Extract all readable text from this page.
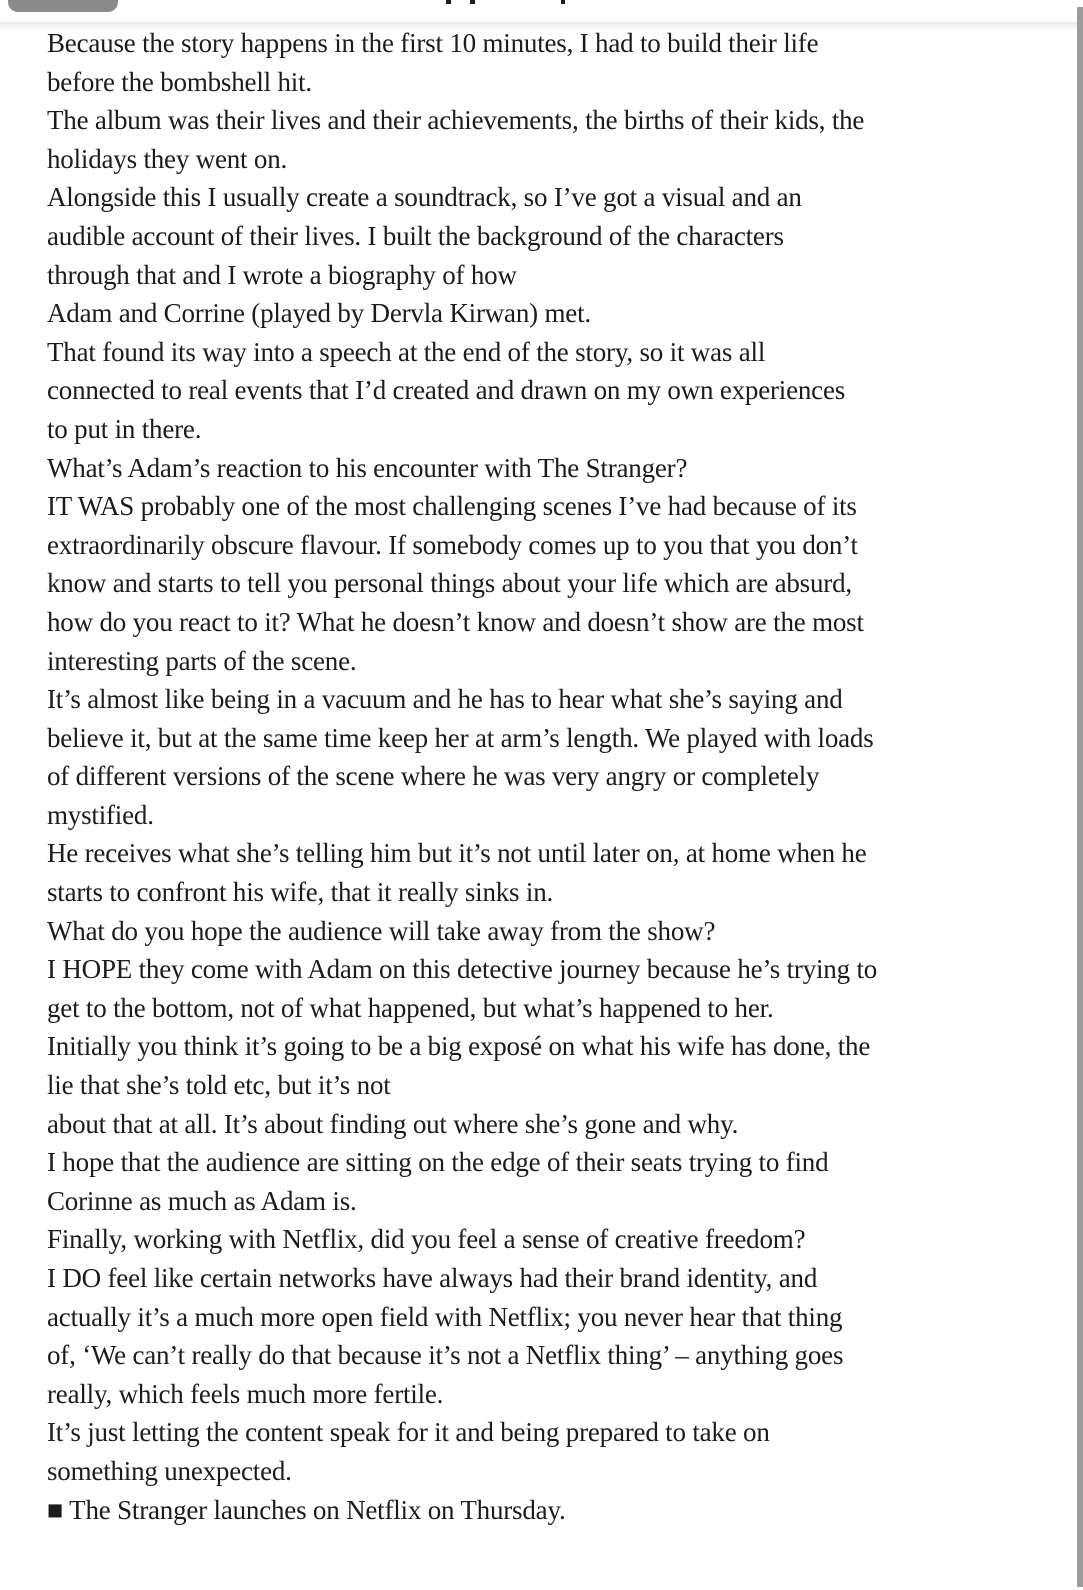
Because the story happens in the first 10 minutes, I had to build their life
before the bombshell hit.
The album was their lives and their achievements, the births of their kids, the
holidays they went on.
Alongside this I usually create a soundtrack, so I’ve got a visual and an
audible account of their lives. I built the background of the characters
through that and I wrote a biography of how
Adam and Corrine (played by Dervla Kirwan) met.
That found its way into a speech at the end of the story, so it was all
connected to real events that I’d created and drawn on my own experiences
to put in there.
What’s Adam’s reaction to his encounter with The Stranger?
IT WAS probably one of the most challenging scenes I’ve had because of its
extraordinarily obscure flavour. If somebody comes up to you that you don’t
know and starts to tell you personal things about your life which are absurd,
how do you react to it? What he doesn’t know and doesn’t show are the most
interesting parts of the scene.
It’s almost like being in a vacuum and he has to hear what she’s saying and
believe it, but at the same time keep her at arm’s length. We played with loads
of different versions of the scene where he was very angry or completely
mystified.
He receives what she’s telling him but it’s not until later on, at home when he
starts to confront his wife, that it really sinks in.
What do you hope the audience will take away from the show?
I HOPE they come with Adam on this detective journey because he’s trying to
get to the bottom, not of what happened, but what’s happened to her.
Initially you think it’s going to be a big exposé on what his wife has done, the
lie that she’s told etc, but it’s not
about that at all. It’s about finding out where she’s gone and why.
I hope that the audience are sitting on the edge of their seats trying to find
Corinne as much as Adam is.
Finally, working with Netflix, did you feel a sense of creative freedom?
I DO feel like certain networks have always had their brand identity, and
actually it’s a much more open field with Netflix; you never hear that thing
of, ‘We can’t really do that because it’s not a Netflix thing’ – anything goes
really, which feels much more fertile.
It’s just letting the content speak for it and being prepared to take on
something unexpected.
■ The Stranger launches on Netflix on Thursday.
